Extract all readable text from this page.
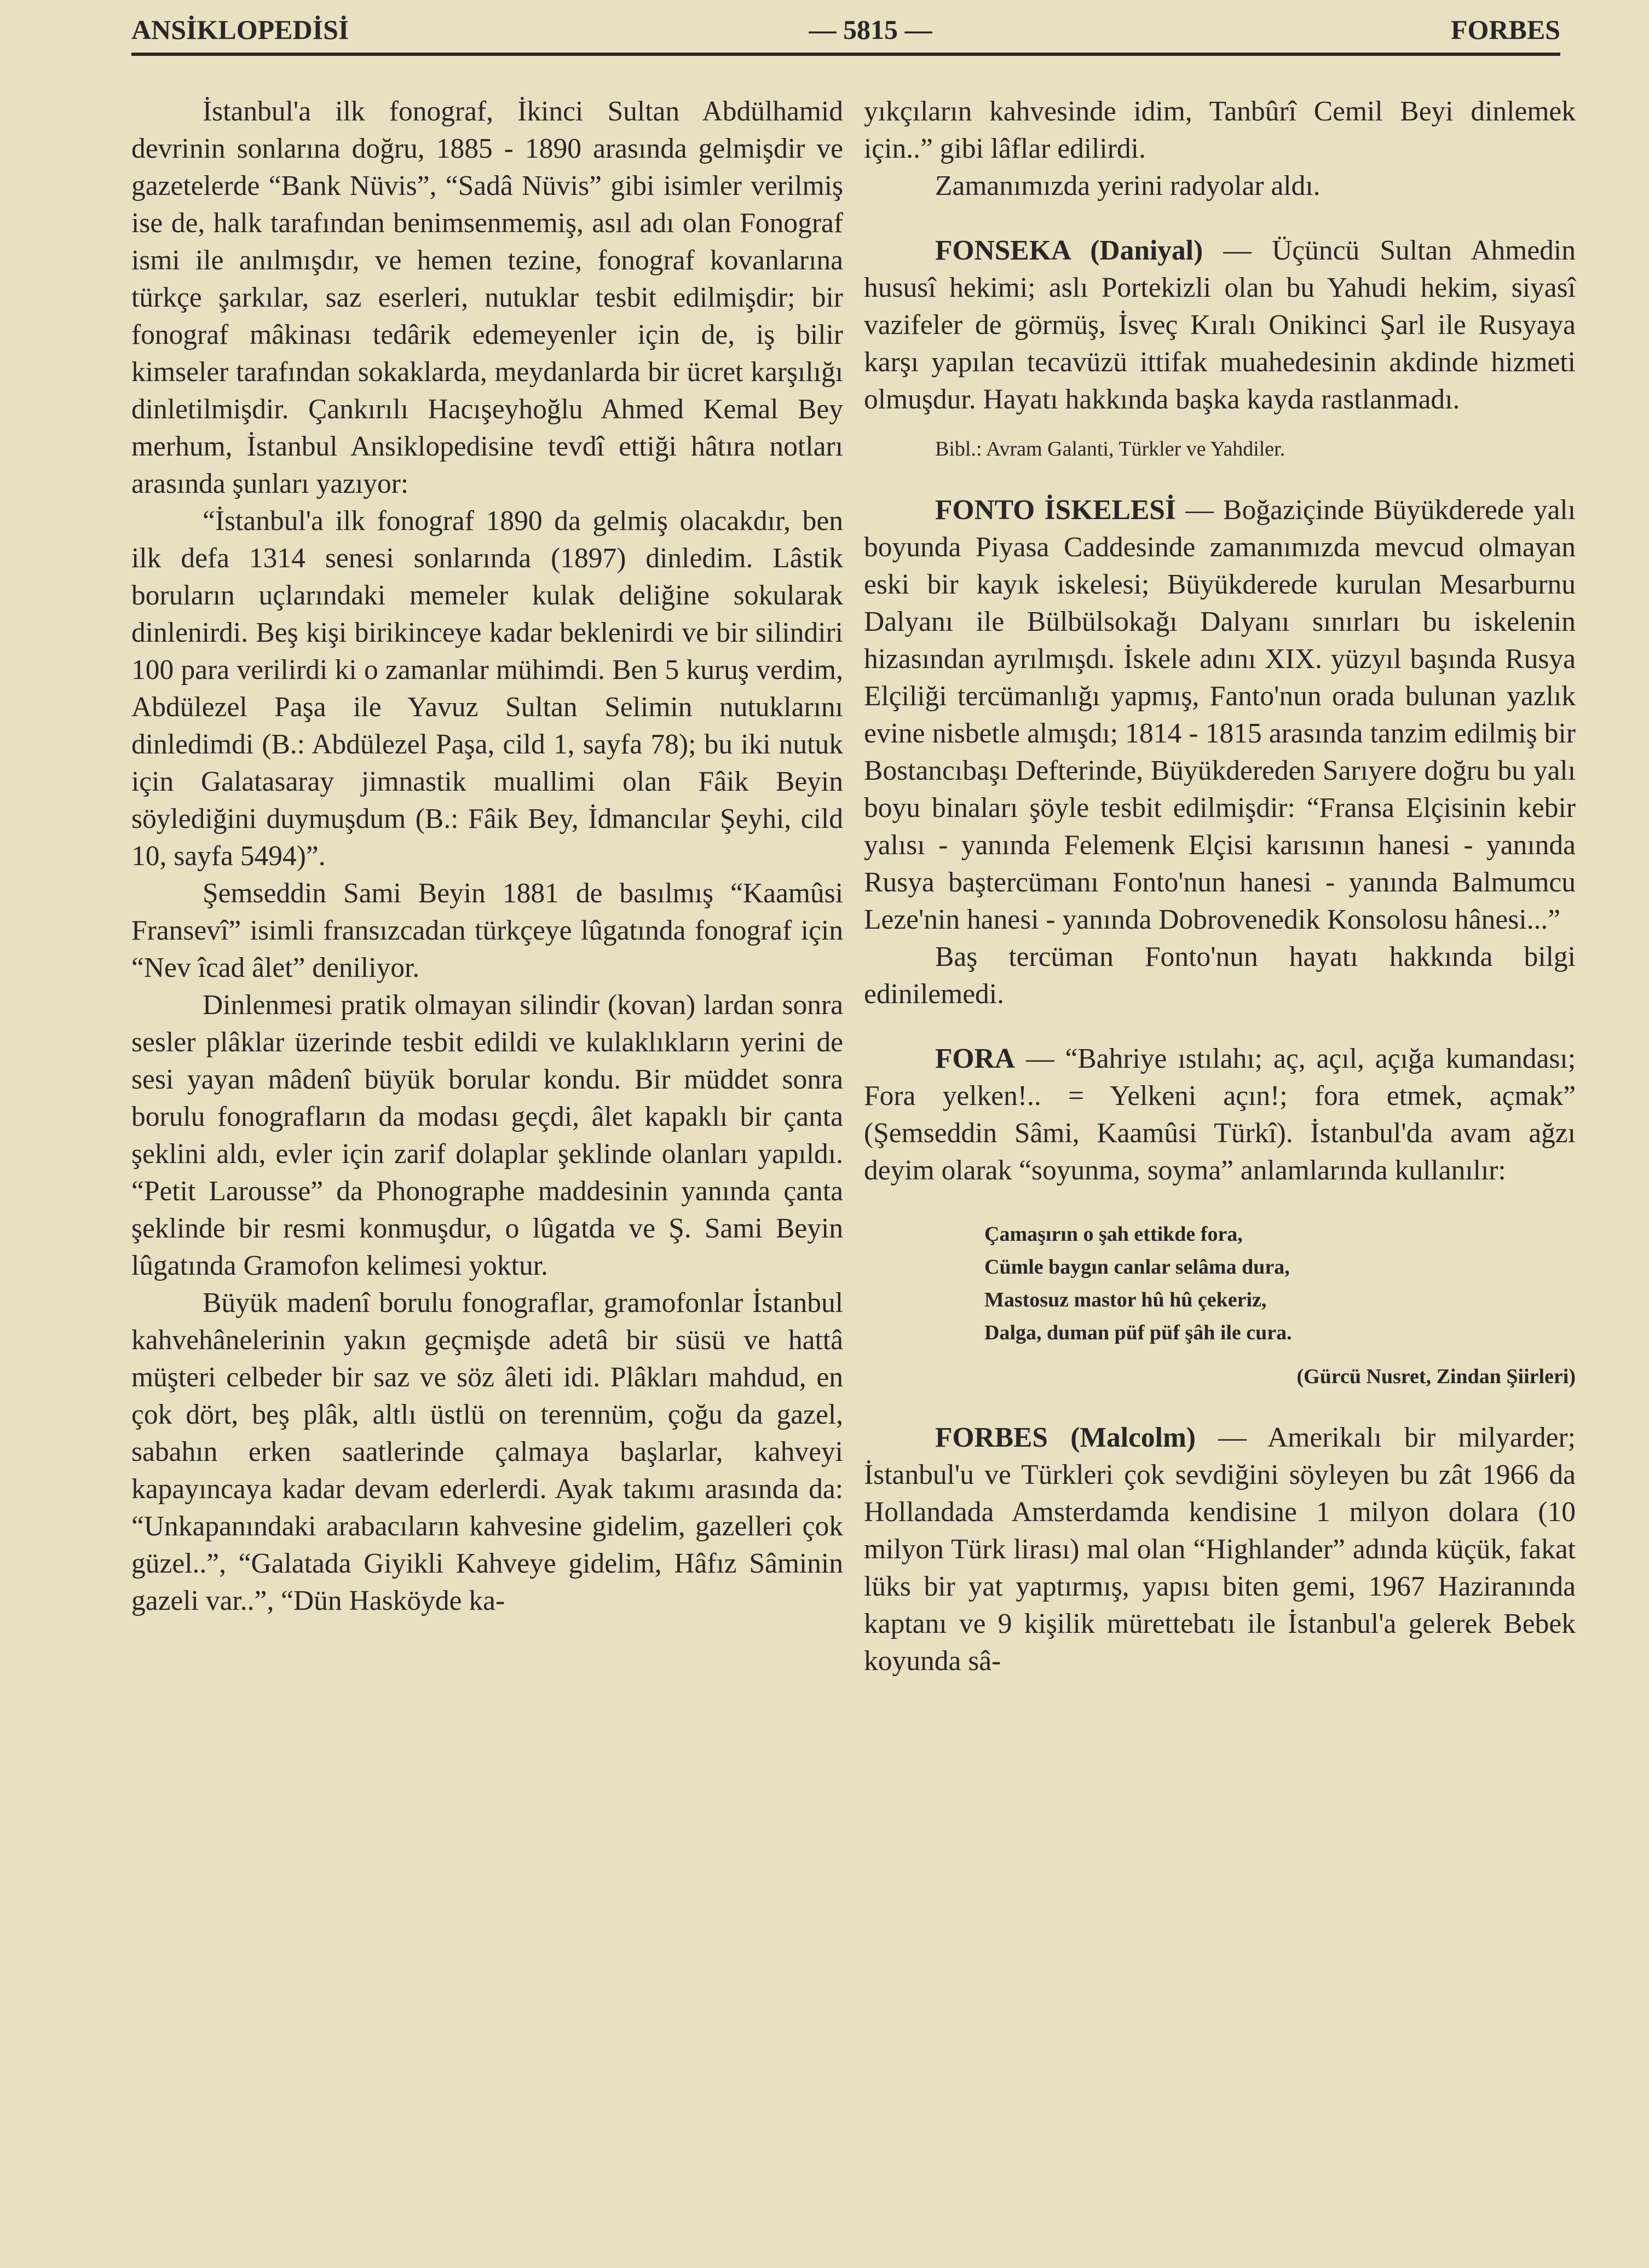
ANSİKLOPEDİSİ	— 5815 —	FORBES

İstanbul'a ilk fonograf, İkinci Sultan Abdülhamid devrinin sonlarına doğru, 1885 - 1890 arasında gelmişdir ve gazetelerde “Bank Nüvis”, “Sadâ Nüvis” gibi isimler verilmiş ise de, halk tarafından benimsenmemiş, asıl adı olan Fonograf ismi ile anılmışdır, ve hemen tezine, fonograf kovanlarına türkçe şarkılar, saz eserleri, nutuklar tesbit edilmişdir; bir fonograf mâkinası tedârik edemeyenler için de, iş bilir kimseler tarafından sokaklarda, meydanlarda bir ücret karşılığı dinletilmişdir. Çankırılı Hacışeyhoğlu Ahmed Kemal Bey merhum, İstanbul Ansiklopedisine tevdî ettiği hâtıra notları arasında şunları yazıyor:

“İstanbul'a ilk fonograf 1890 da gelmiş olacakdır, ben ilk defa 1314 senesi sonlarında (1897) dinledim. Lâstik boruların uçlarındaki memeler kulak deliğine sokularak dinlenirdi. Beş kişi birikinceye kadar beklenirdi ve bir silindiri 100 para verilirdi ki o zamanlar mühimdi. Ben 5 kuruş verdim, Abdülezel Paşa ile Yavuz Sultan Selimin nutuklarını dinledimdi (B.: Abdülezel Paşa, cild 1, sayfa 78); bu iki nutuk için Galatasaray jimnastik muallimi olan Fâik Beyin söylediğini duymuşdum (B.: Fâik Bey, İdmancılar Şeyhi, cild 10, sayfa 5494)”.

Şemseddin Sami Beyin 1881 de basılmış “Kaamûsi Fransevî” isimli fransızcadan türkçeye lûgatında fonograf için “Nev îcad âlet” deniliyor.

Dinlenmesi pratik olmayan silindir (kovan) lardan sonra sesler plâklar üzerinde tesbit edildi ve kulaklıkların yerini de sesi yayan mâdenî büyük borular kondu. Bir müddet sonra borulu fonografların da modası geçdi, âlet kapaklı bir çanta şeklini aldı, evler için zarif dolaplar şeklinde olanları yapıldı. “Petit Larousse” da Phonographe maddesinin yanında çanta şeklinde bir resmi konmuşdur, o lûgatda ve Ş. Sami Beyin lûgatında Gramofon kelimesi yoktur.

Büyük madenî borulu fonograflar, gramofonlar İstanbul kahvehânelerinin yakın geçmişde adetâ bir süsü ve hattâ müşteri celbeder bir saz ve söz âleti idi. Plâkları mahdud, en çok dört, beş plâk, altlı üstlü on terennüm, çoğu da gazel, sabahın erken saatlerinde çalmaya başlarlar, kahveyi kapayıncaya kadar devam ederlerdi. Ayak takımı arasında da: “Unkapanındaki arabacıların kahvesine gidelim, gazelleri çok güzel..”, “Galatada Giyikli Kahveye gidelim, Hâfız Sâminin gazeli var..”, “Dün Hasköyde ka-

yıkçıların kahvesinde idim, Tanbûrî Cemil Beyi dinlemek için..” gibi lâflar edilirdi.

Zamanımızda yerini radyolar aldı.

FONSEKA (Daniyal) — Üçüncü Sultan Ahmedin hususî hekimi; aslı Portekizli olan bu Yahudi hekim, siyasî vazifeler de görmüş, İsveç Kıralı Onikinci Şarl ile Rusyaya karşı yapılan tecavüzü ittifak muahedesinin akdinde hizmeti olmuşdur. Hayatı hakkında başka kayda rastlanmadı.

Bibl.: Avram Galanti, Türkler ve Yahdiler.

FONTO İSKELESİ — Boğaziçinde Büyükderede yalı boyunda Piyasa Caddesinde zamanımızda mevcud olmayan eski bir kayık iskelesi; Büyükderede kurulan Mesarburnu Dalyanı ile Bülbülsokağı Dalyanı sınırları bu iskelenin hizasından ayrılmışdı. İskele adını XIX. yüzyıl başında Rusya Elçiliği tercümanlığı yapmış, Fanto'nun orada bulunan yazlık evine nisbetle almışdı; 1814 - 1815 arasında tanzim edilmiş bir Bostancıbaşı Defterinde, Büyükdereden Sarıyere doğru bu yalı boyu binaları şöyle tesbit edilmişdir: “Fransa Elçisinin kebir yalısı - yanında Felemenk Elçisi karısının hanesi - yanında Rusya baştercümanı Fonto'nun hanesi - yanında Balmumcu Leze'nin hanesi - yanında Dobrovenedik Konsolosu hânesi...”

Baş tercüman Fonto'nun hayatı hakkında bilgi edinilemedi.

FORA — “Bahriye ıstılahı; aç, açıl, açığa kumandası; Fora yelken!.. = Yelkeni açın!; fora etmek, açmak” (Şemseddin Sâmi, Kaamûsi Türkî). İstanbul'da avam ağzı deyim olarak “soyunma, soyma” anlamlarında kullanılır:

Çamaşırın o şah ettikde fora,
Cümle baygın canlar selâma dura,
Mastosuz mastor hû hû çekeriz,
Dalga, duman püf püf şâh ile cura.

(Gürcü Nusret, Zindan Şiirleri)

FORBES (Malcolm) — Amerikalı bir milyarder; İstanbul'u ve Türkleri çok sevdiğini söyleyen bu zât 1966 da Hollandada Amsterdamda kendisine 1 milyon dolara (10 milyon Türk lirası) mal olan “Highlander” adında küçük, fakat lüks bir yat yaptırmış, yapısı biten gemi, 1967 Haziranında kaptanı ve 9 kişilik mürettebatı ile İstanbul'a gelerek Bebek koyunda sâ-
